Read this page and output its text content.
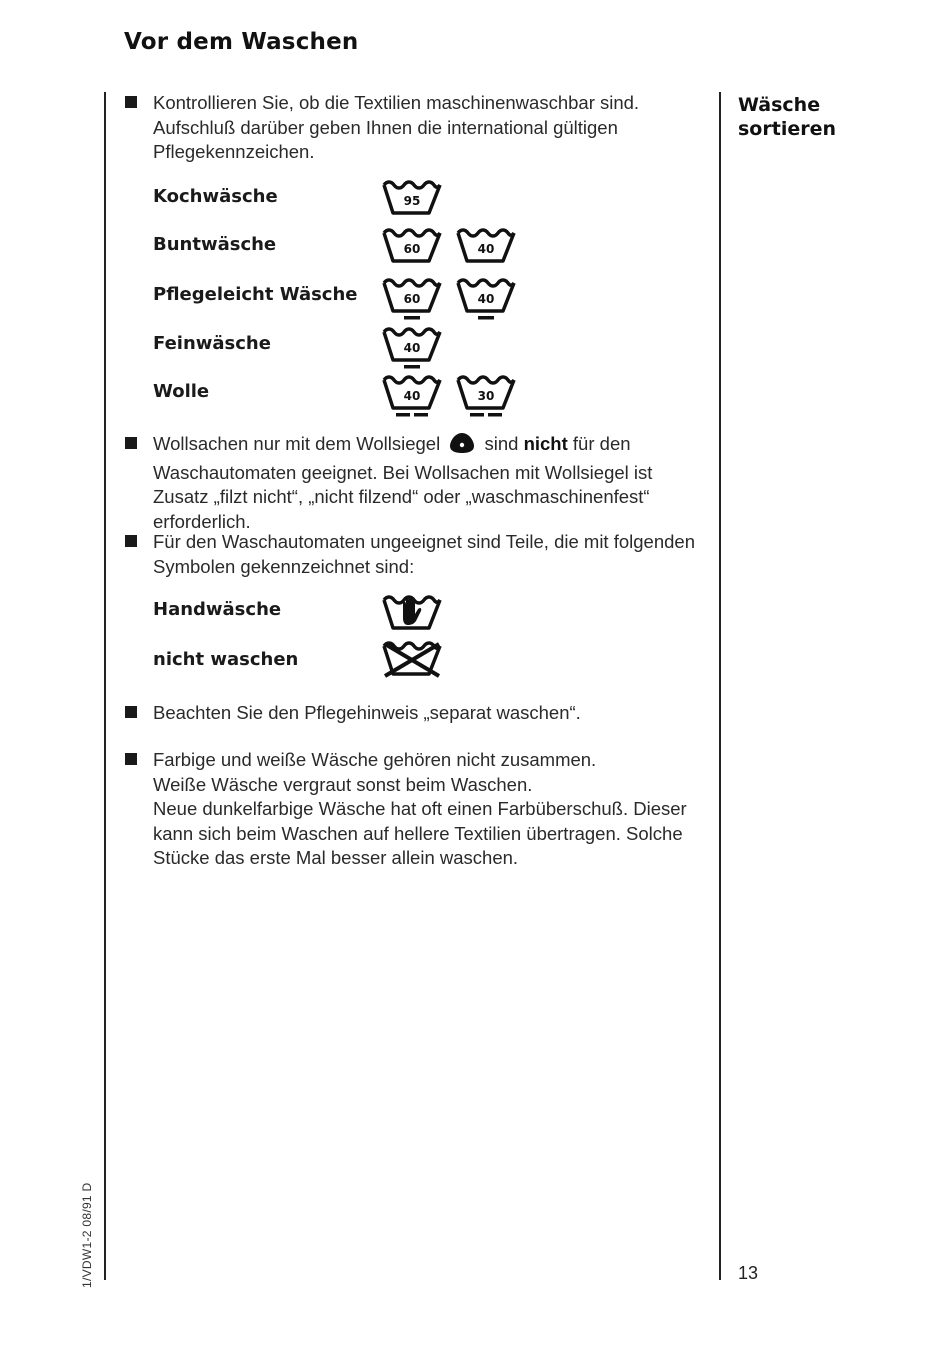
Vor dem Waschen
Wäsche
sortieren
Kontrollieren Sie, ob die Textilien maschinenwaschbar sind. Aufschluß darüber geben Ihnen die international gültigen Pflegekennzeichen.
Kochwäsche	95
Buntwäsche	60	40
Pflegeleicht Wäsche	60	40
Feinwäsche	40
Wolle	40	30
Wollsachen nur mit dem Wollsiegel  sind nicht für den Waschautomaten geeignet. Bei Wollsachen mit Wollsiegel ist Zusatz „filzt nicht“, „nicht filzend“ oder „waschmaschinenfest“ erforderlich.
Für den Waschautomaten ungeeignet sind Teile, die mit folgenden Symbolen gekennzeichnet sind:
Handwäsche
nicht waschen
Beachten Sie den Pflegehinweis „separat waschen“.
Farbige und weiße Wäsche gehören nicht zusammen.
Weiße Wäsche vergraut sonst beim Waschen.
Neue dunkelfarbige Wäsche hat oft einen Farbüberschuß. Dieser kann sich beim Waschen auf hellere Textilien übertragen. Solche Stücke das erste Mal besser allein waschen.
13
1/VDW1-2 08/91 D
